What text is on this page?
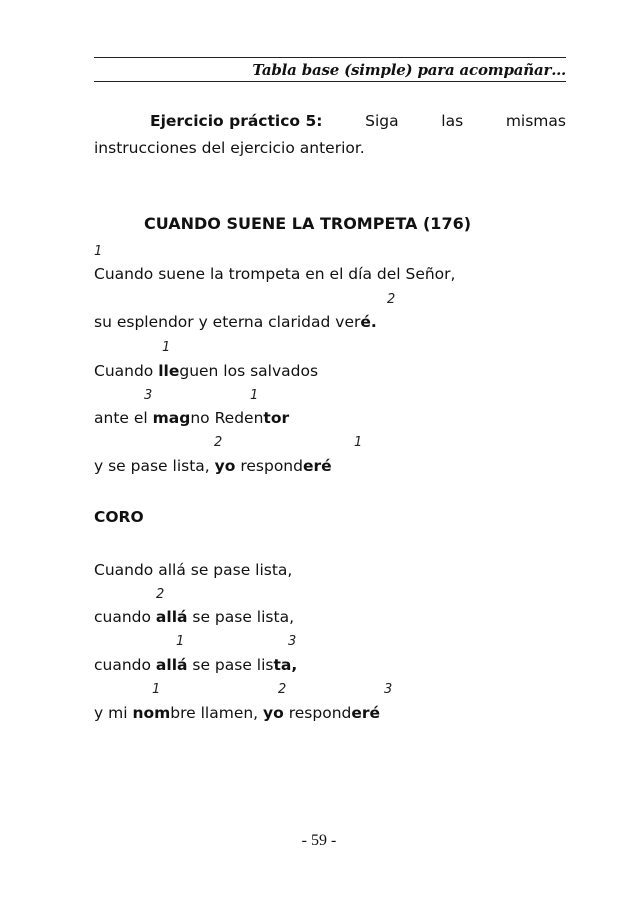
Tabla base (simple) para acompañar…
Ejercicio práctico 5:	Siga	las	mismas
instrucciones del ejercicio anterior.
CUANDO SUENE LA TROMPETA (176)
1
Cuando suene la trompeta en el día del Señor,
2
su esplendor y eterna claridad veré.
1
Cuando lleguen los salvados
3	1
ante el magno Redentor
2	1
y se pase lista, yo responderé
CORO
Cuando allá se pase lista,
2
cuando allá se pase lista,
1	3
cuando allá se pase lista,
1	2	3
y mi nombre llamen, yo responderé
- 59 -
